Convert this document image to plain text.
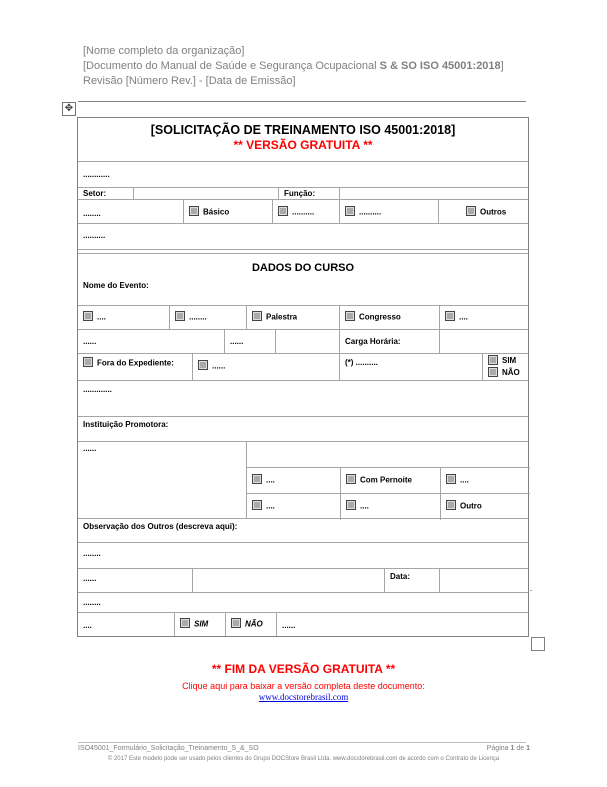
[Nome completo da organização]
[Documento do Manual de Saúde e Segurança Ocupacional S & SO ISO 45001:2018]
Revisão [Número Rev.] - [Data de Emissão]
✥
[SOLICITAÇÃO DE TREINAMENTO ISO 45001:2018]
** VERSÃO GRATUITA **
............
Setor:	Função:
........	Básico	..........	..........	Outros
..........
DADOS DO CURSO
Nome do Evento:
....	........	Palestra	Congresso	....
......	......	Carga Horária:
Fora do Expediente:	......	(*) ..........	SIM
NÃO
.............
Instituição Promotora:
......
....	Com Pernoite	....
....	....	Outro
Observação dos Outros (descreva aqui):
........
......	Data:
........
....	SIM	NÃO	......
.
** FIM DA VERSÃO GRATUITA **
Clique aqui para baixar a versão completa deste documento:
www.docstorebrasil.com
ISO45001_Formulário_Solicitação_Treinamento_S_&_SO	Página 1 de 1
© 2017 Este modelo pode ser usado pelos clientes do Grupo DOCStore Brasil Ltda. www.docstorebrasil.com de acordo com o Contrato de Licença
